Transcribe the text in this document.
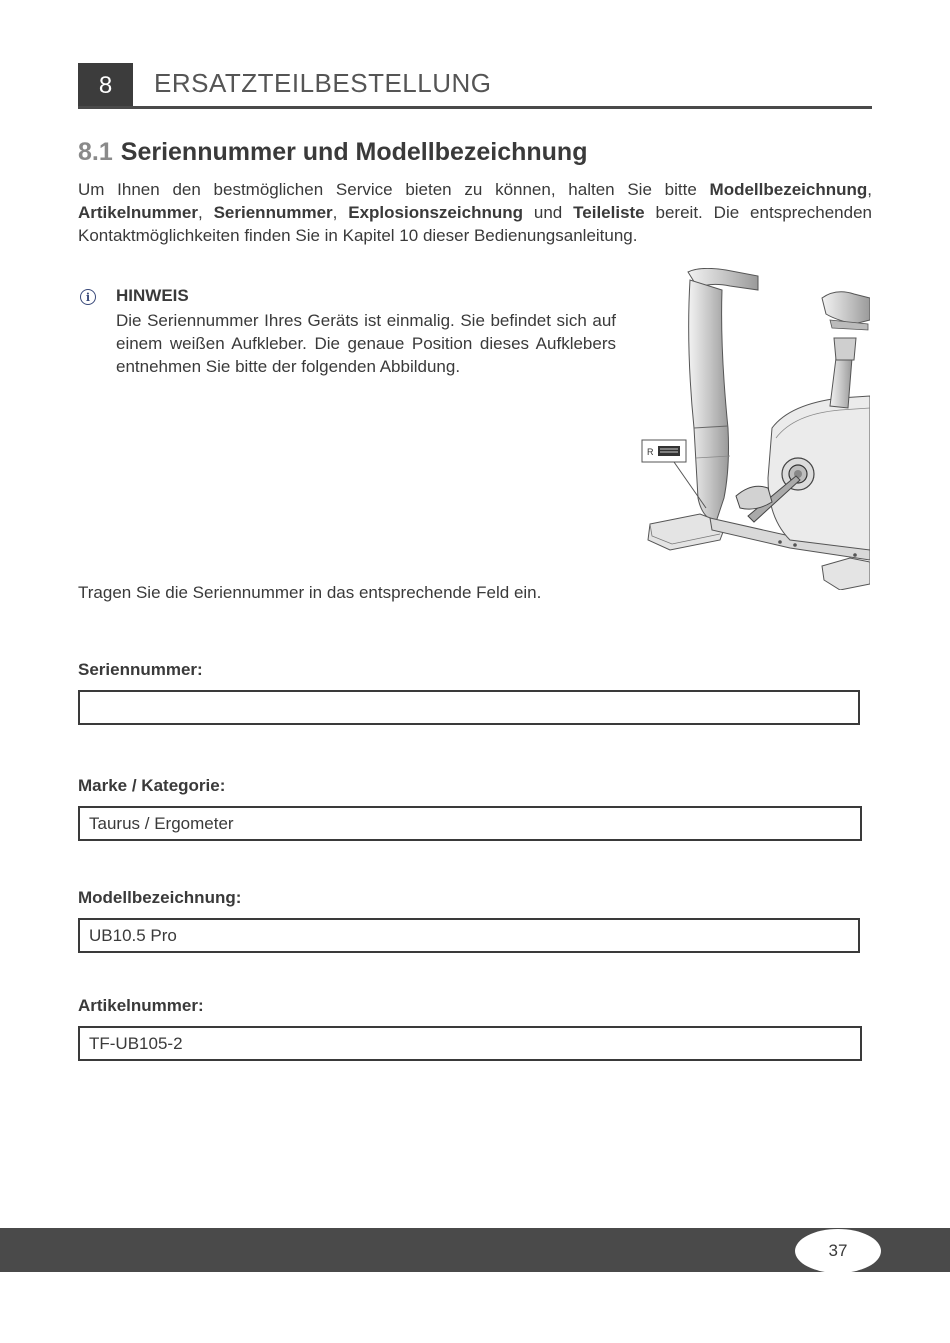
8	ERSATZTEILBESTELLUNG
8.1 Seriennummer und Modellbezeichnung
Um Ihnen den bestmöglichen Service bieten zu können, halten Sie bitte Modellbezeichnung, Artikelnummer, Seriennummer, Explosionszeichnung und Teileliste bereit. Die entsprechenden Kontaktmöglichkeiten finden Sie in Kapitel 10 dieser Bedienungsanleitung.
i	HINWEIS
Die Seriennummer Ihres Geräts ist einmalig. Sie befindet sich auf einem weißen Aufkleber. Die genaue Position dieses Aufklebers entnehmen Sie bitte der folgenden Abbildung.
R
Tragen Sie die Seriennummer in das entsprechende Feld ein.
Seriennummer:
Marke / Kategorie:
Taurus / Ergometer
Modellbezeichnung:
UB10.5 Pro
Artikelnummer:
TF-UB105-2
37
